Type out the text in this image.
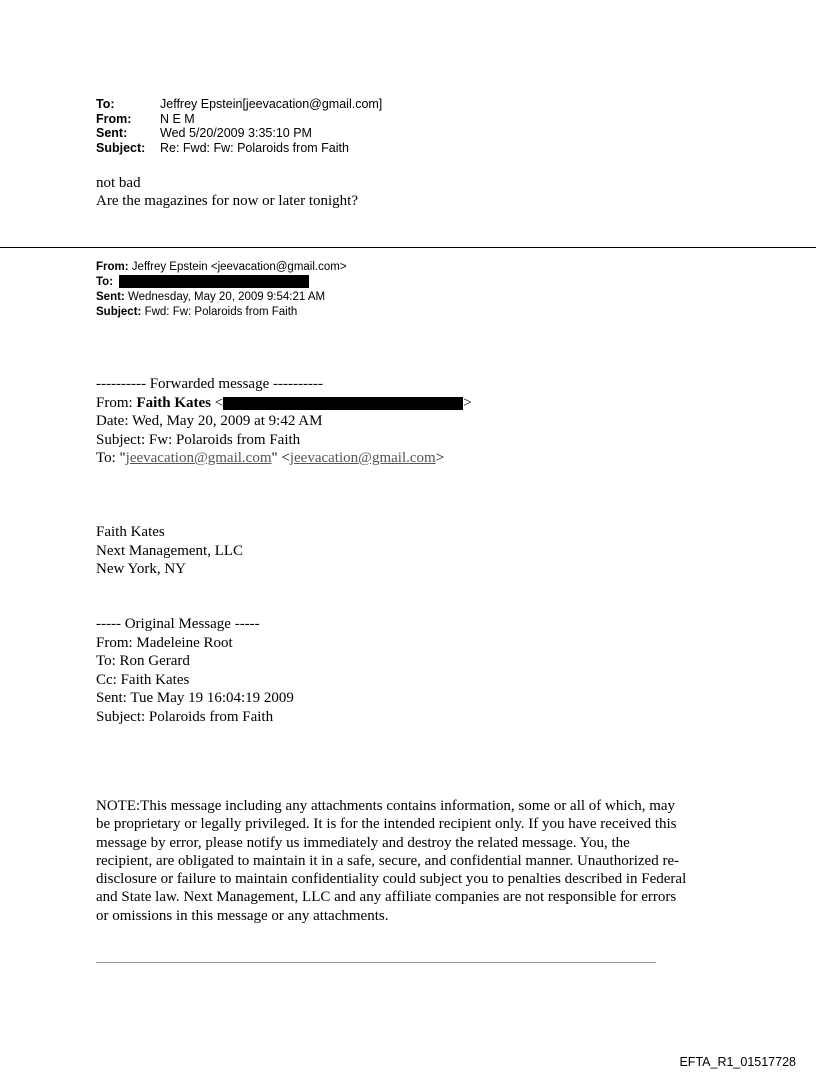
To:	Jeffrey Epstein[jeevacation@gmail.com]
From:	N E M
Sent:	Wed 5/20/2009 3:35:10 PM
Subject:	Re: Fwd: Fw: Polaroids from Faith
not bad
Are the magazines for now or later tonight?
From: Jeffrey Epstein <jeevacation@gmail.com>
To:
Sent: Wednesday, May 20, 2009 9:54:21 AM
Subject: Fwd: Fw: Polaroids from Faith
---------- Forwarded message ----------
From: Faith Kates <	>
Date: Wed, May 20, 2009 at 9:42 AM
Subject: Fw: Polaroids from Faith
To: "jeevacation@gmail.com" <jeevacation@gmail.com>
Faith Kates
Next Management, LLC
New York, NY
----- Original Message -----
From: Madeleine Root
To: Ron Gerard
Cc: Faith Kates
Sent: Tue May 19 16:04:19 2009
Subject: Polaroids from Faith
NOTE:This message including any attachments contains information, some or all of which, may
be proprietary or legally privileged. It is for the intended recipient only. If you have received this
message by error, please notify us immediately and destroy the related message. You, the
recipient, are obligated to maintain it in a safe, secure, and confidential manner. Unauthorized re-
disclosure or failure to maintain confidentiality could subject you to penalties described in Federal
and State law. Next Management, LLC and any affiliate companies are not responsible for errors
or omissions in this message or any attachments.
EFTA_R1_01517728
